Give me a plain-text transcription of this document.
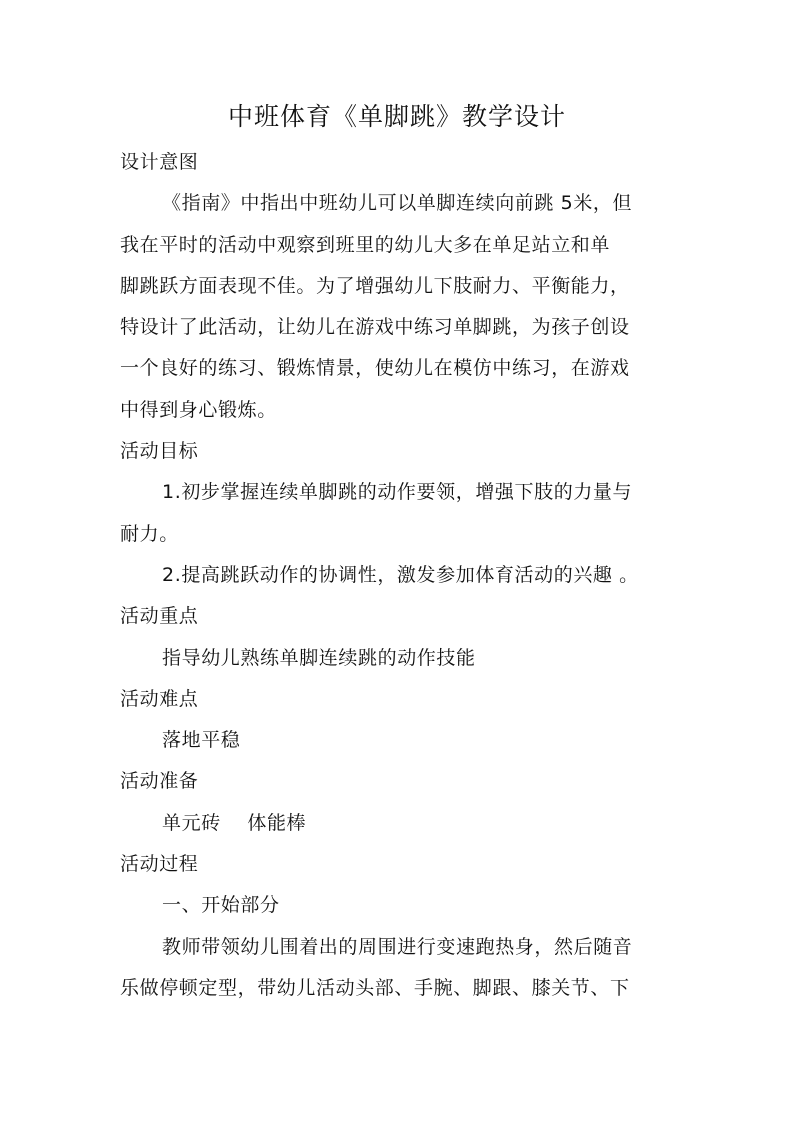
中班体育《单脚跳》教学设计
设计意图
《指南》中指出中班幼儿可以单脚连续向前跳 5米，但
我在平时的活动中观察到班里的幼儿大多在单足站立和单
脚跳跃方面表现不佳。为了增强幼儿下肢耐力、平衡能力，
特设计了此活动，让幼儿在游戏中练习单脚跳，为孩子创设
一个良好的练习、锻炼情景，使幼儿在模仿中练习，在游戏
中得到身心锻炼。
活动目标
1.初步掌握连续单脚跳的动作要领，增强下肢的力量与
耐力。
2.提高跳跃动作的协调性，激发参加体育活动的兴趣 。
活动重点
指导幼儿熟练单脚连续跳的动作技能
活动难点
落地平稳
活动准备
单元砖    体能棒
活动过程
一、开始部分
教师带领幼儿围着出的周围进行变速跑热身，然后随音
乐做停顿定型，带幼儿活动头部、手腕、脚跟、膝关节、下
